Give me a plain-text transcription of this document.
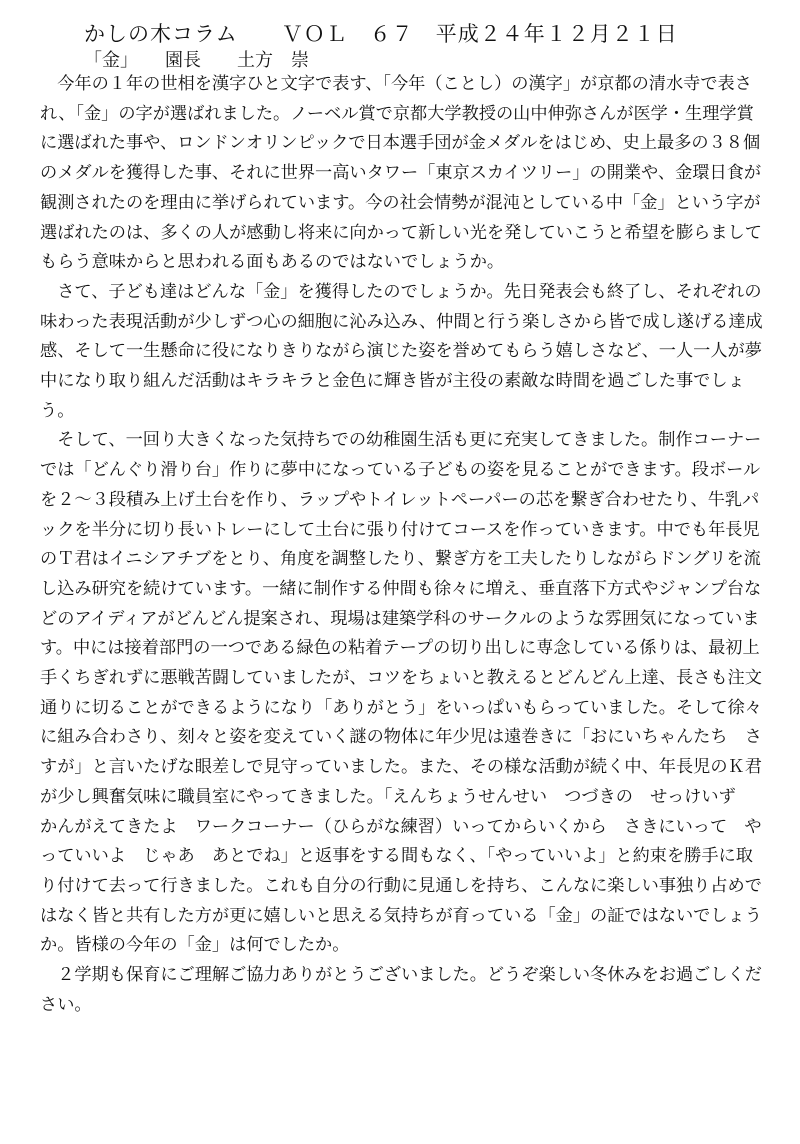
かしの木コラム　　ＶＯＬ　６７　平成２４年１２月２１日
「金」　　園長　　土方　崇

今年の１年の世相を漢字ひと文字で表す、「今年（ことし）の漢字」が京都の清水寺で表され、「金」の字が選ばれました。ノーベル賞で京都大学教授の山中伸弥さんが医学・生理学賞に選ばれた事や、ロンドンオリンピックで日本選手団が金メダルをはじめ、史上最多の３８個のメダルを獲得した事、それに世界一高いタワー「東京スカイツリー」の開業や、金環日食が観測されたのを理由に挙げられています。今の社会情勢が混沌としている中「金」という字が選ばれたのは、多くの人が感動し将来に向かって新しい光を発していこうと希望を膨らましてもらう意味からと思われる面もあるのではないでしょうか。

さて、子ども達はどんな「金」を獲得したのでしょうか。先日発表会も終了し、それぞれの味わった表現活動が少しずつ心の細胞に沁み込み、仲間と行う楽しさから皆で成し遂げる達成感、そして一生懸命に役になりきりながら演じた姿を誉めてもらう嬉しさなど、一人一人が夢中になり取り組んだ活動はキラキラと金色に輝き皆が主役の素敵な時間を過ごした事でしょう。

そして、一回り大きくなった気持ちでの幼稚園生活も更に充実してきました。制作コーナーでは「どんぐり滑り台」作りに夢中になっている子どもの姿を見ることができます。段ボールを２～３段積み上げ土台を作り、ラップやトイレットペーパーの芯を繋ぎ合わせたり、牛乳パックを半分に切り長いトレーにして土台に張り付けてコースを作っていきます。中でも年長児のＴ君はイニシアチブをとり、角度を調整したり、繋ぎ方を工夫したりしながらドングリを流し込み研究を続けています。一緒に制作する仲間も徐々に増え、垂直落下方式やジャンプ台などのアイディアがどんどん提案され、現場は建築学科のサークルのような雰囲気になっています。中には接着部門の一つである緑色の粘着テープの切り出しに専念している係りは、最初上手くちぎれずに悪戦苦闘していましたが、コツをちょいと教えるとどんどん上達、長さも注文通りに切ることができるようになり「ありがとう」をいっぱいもらっていました。そして徐々に組み合わさり、刻々と姿を変えていく謎の物体に年少児は遠巻きに「おにいちゃんたち　さすが」と言いたげな眼差しで見守っていました。また、その様な活動が続く中、年長児のＫ君が少し興奮気味に職員室にやってきました。「えんちょうせんせい　つづきの　せっけいず　かんがえてきたよ　ワークコーナー（ひらがな練習）いってからいくから　さきにいって　やっていいよ　じゃあ　あとでね」と返事をする間もなく、「やっていいよ」と約束を勝手に取り付けて去って行きました。これも自分の行動に見通しを持ち、こんなに楽しい事独り占めではなく皆と共有した方が更に嬉しいと思える気持ちが育っている「金」の証ではないでしょうか。皆様の今年の「金」は何でしたか。

２学期も保育にご理解ご協力ありがとうございました。どうぞ楽しい冬休みをお過ごしください。
